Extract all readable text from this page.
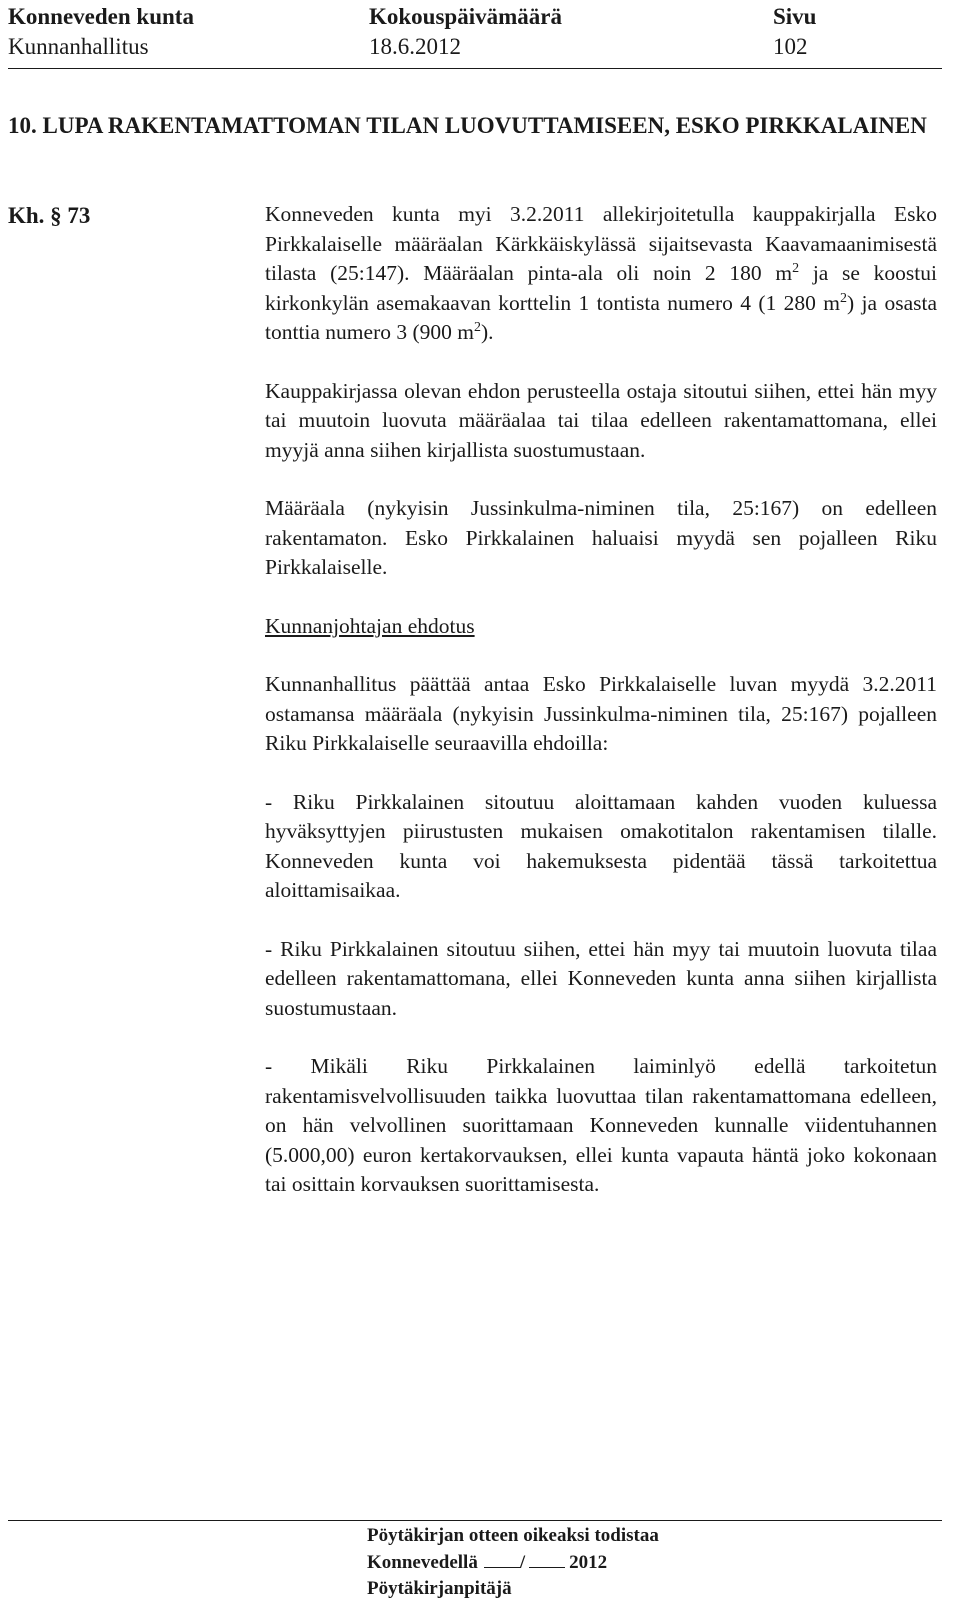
Konneveden kunta
Kunnanhallitus
Kokouspäivämäärä
18.6.2012
Sivu
102
10. LUPA RAKENTAMATTOMAN TILAN LUOVUTTAMISEEN, ESKO PIRKKALAINEN
Kh. § 73	Konneveden kunta myi 3.2.2011 allekirjoitetulla kauppakirjalla Esko Pirkkalaiselle määräalan Kärkkäiskylässä sijaitsevasta Kaavamaanimisestä tilasta (25:147). Määräalan pinta-ala oli noin 2 180 $m^2$ ja se koostui kirkonkylän asemakaavan korttelin 1 tontista numero 4 (1 280 $m^2$) ja osasta tonttia numero 3 (900 $m^2$).

Kauppakirjassa olevan ehdon perusteella ostaja sitoutui siihen, ettei hän myy tai muutoin luovuta määräalaa tai tilaa edelleen rakentamattomana, ellei myyjä anna siihen kirjallista suostumustaan.

Määräala (nykyisin Jussinkulma-niminen tila, 25:167) on edelleen rakentamaton. Esko Pirkkalainen haluaisi myydä sen pojalleen Riku Pirkkalaiselle.

Kunnanjohtajan ehdotus

Kunnanhallitus päättää antaa Esko Pirkkalaiselle luvan myydä 3.2.2011 ostamansa määräala (nykyisin Jussinkulma-niminen tila, 25:167) pojalleen Riku Pirkkalaiselle seuraavilla ehdoilla:

- Riku Pirkkalainen sitoutuu aloittamaan kahden vuoden kuluessa hyväksyttyjen piirustusten mukaisen omakotitalon rakentamisen tilalle. Konneveden kunta voi hakemuksesta pidentää tässä tarkoitettua aloittamisaikaa.

- Riku Pirkkalainen sitoutuu siihen, ettei hän myy tai muutoin luovuta tilaa edelleen rakentamattomana, ellei Konneveden kunta anna siihen kirjallista suostumustaan.

- Mikäli Riku Pirkkalainen laiminlyö edellä tarkoitetun rakentamisvelvollisuuden taikka luovuttaa tilan rakentamattomana edelleen, on hän velvollinen suorittamaan Konneveden kunnalle viidentuhannen (5.000,00) euron kertakorvauksen, ellei kunta vapauta häntä joko kokonaan tai osittain korvauksen suorittamisesta.

Pöytäkirjan otteen oikeaksi todistaa
Konnevedellä / 2012
Pöytäkirjanpitäjä
